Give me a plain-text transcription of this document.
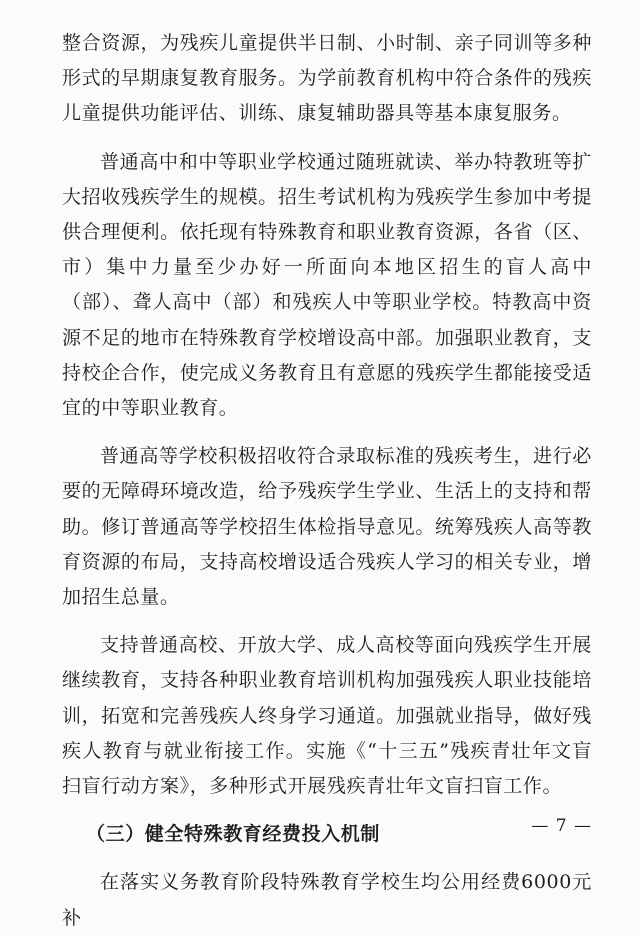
整合资源，为残疾儿童提供半日制、小时制、亲子同训等多种形式的早期康复教育服务。为学前教育机构中符合条件的残疾儿童提供功能评估、训练、康复辅助器具等基本康复服务。

普通高中和中等职业学校通过随班就读、举办特教班等扩大招收残疾学生的规模。招生考试机构为残疾学生参加中考提供合理便利。依托现有特殊教育和职业教育资源，各省（区、市）集中力量至少办好一所面向本地区招生的盲人高中（部）、聋人高中（部）和残疾人中等职业学校。特教高中资源不足的地市在特殊教育学校增设高中部。加强职业教育，支持校企合作，使完成义务教育且有意愿的残疾学生都能接受适宜的中等职业教育。

普通高等学校积极招收符合录取标准的残疾考生，进行必要的无障碍环境改造，给予残疾学生学业、生活上的支持和帮助。修订普通高等学校招生体检指导意见。统筹残疾人高等教育资源的布局，支持高校增设适合残疾人学习的相关专业，增加招生总量。

支持普通高校、开放大学、成人高校等面向残疾学生开展继续教育，支持各种职业教育培训机构加强残疾人职业技能培训，拓宽和完善残疾人终身学习通道。加强就业指导，做好残疾人教育与就业衔接工作。实施《“十三五”残疾青壮年文盲扫盲行动方案》，多种形式开展残疾青壮年文盲扫盲工作。

（三）健全特殊教育经费投入机制

在落实义务教育阶段特殊教育学校生均公用经费6000元补

— 7 —
